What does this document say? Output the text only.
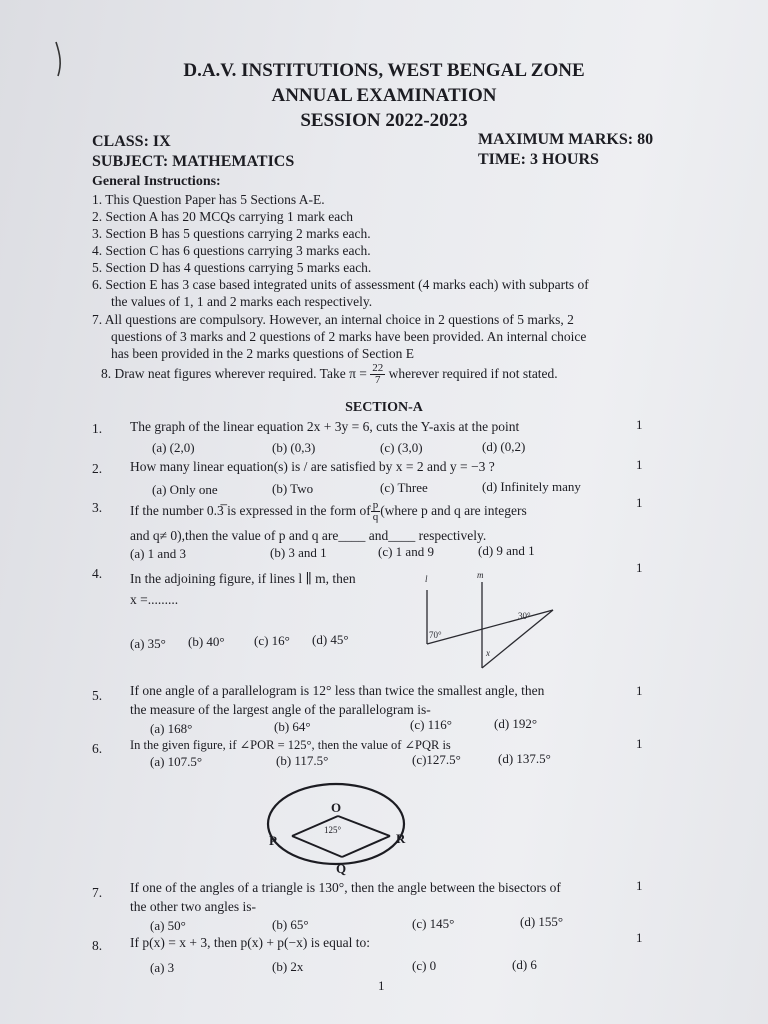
D.A.V. INSTITUTIONS, WEST BENGAL ZONE
ANNUAL EXAMINATION
SESSION 2022-2023
CLASS: IX	MAXIMUM MARKS: 80
SUBJECT: MATHEMATICS	TIME: 3 HOURS
General Instructions:
1. This Question Paper has 5 Sections A-E.
2. Section A has 20 MCQs carrying 1 mark each
3. Section B has 5 questions carrying 2 marks each.
4. Section C has 6 questions carrying 3 marks each.
5. Section D has 4 questions carrying 5 marks each.
6. Section E has 3 case based integrated units of assessment (4 marks each) with subparts of
the values of 1, 1 and 2 marks each respectively.
7. All questions are compulsory. However, an internal choice in 2 questions of 5 marks, 2
questions of 3 marks and 2 questions of 2 marks have been provided. An internal choice
has been provided in the 2 marks questions of Section E
8. Draw neat figures wherever required. Take $\pi = \frac{22}{7}$ wherever required if not stated.
SECTION-A
1. The graph of the linear equation 2x + 3y = 6, cuts the Y-axis at the point	1
(a) (2,0)	(b) (0,3)	(c) (3,0)	(d) (0,2)
2. How many linear equation(s) is / are satisfied by x = 2 and y = −3 ?	1
(a) Only one	(b) Two	(c) Three	(d) Infinitely many
3. If the number 0.3̅ is expressed in the form of $\frac{p}{q}$ (where p and q are integers
1
and q≠ 0),then the value of p and q are____ and____ respectively.
(a) 1 and 3	(b) 3 and 1	(c) 1 and 9	(d) 9 and 1
4. In the adjoining figure, if lines l ∥ m, then
x =.........
1
(a) 35° (b) 40° (c) 16° (d) 45°
l	m
30°
70°
x
5. If one angle of a parallelogram is 12° less than twice the smallest angle, then	1
the measure of the largest angle of the parallelogram is-
(a) 168°	(b) 64°	(c) 116°	(d) 192°
6. In the given figure, if ∠POR = 125°, then the value of ∠PQR is	1
(a) 107.5°	(b) 117.5°	(c)127.5°	(d) 137.5°
O
125°
P	R
Q
7. If one of the angles of a triangle is 130°, then the angle between the bisectors of	1
the other two angles is-
(a) 50°	(b) 65°	(c) 145°	(d) 155°
8. If p(x) = x + 3, then p(x) + p(−x) is equal to:	1
(a) 3	(b) 2x	(c) 0	(d) 6
1
